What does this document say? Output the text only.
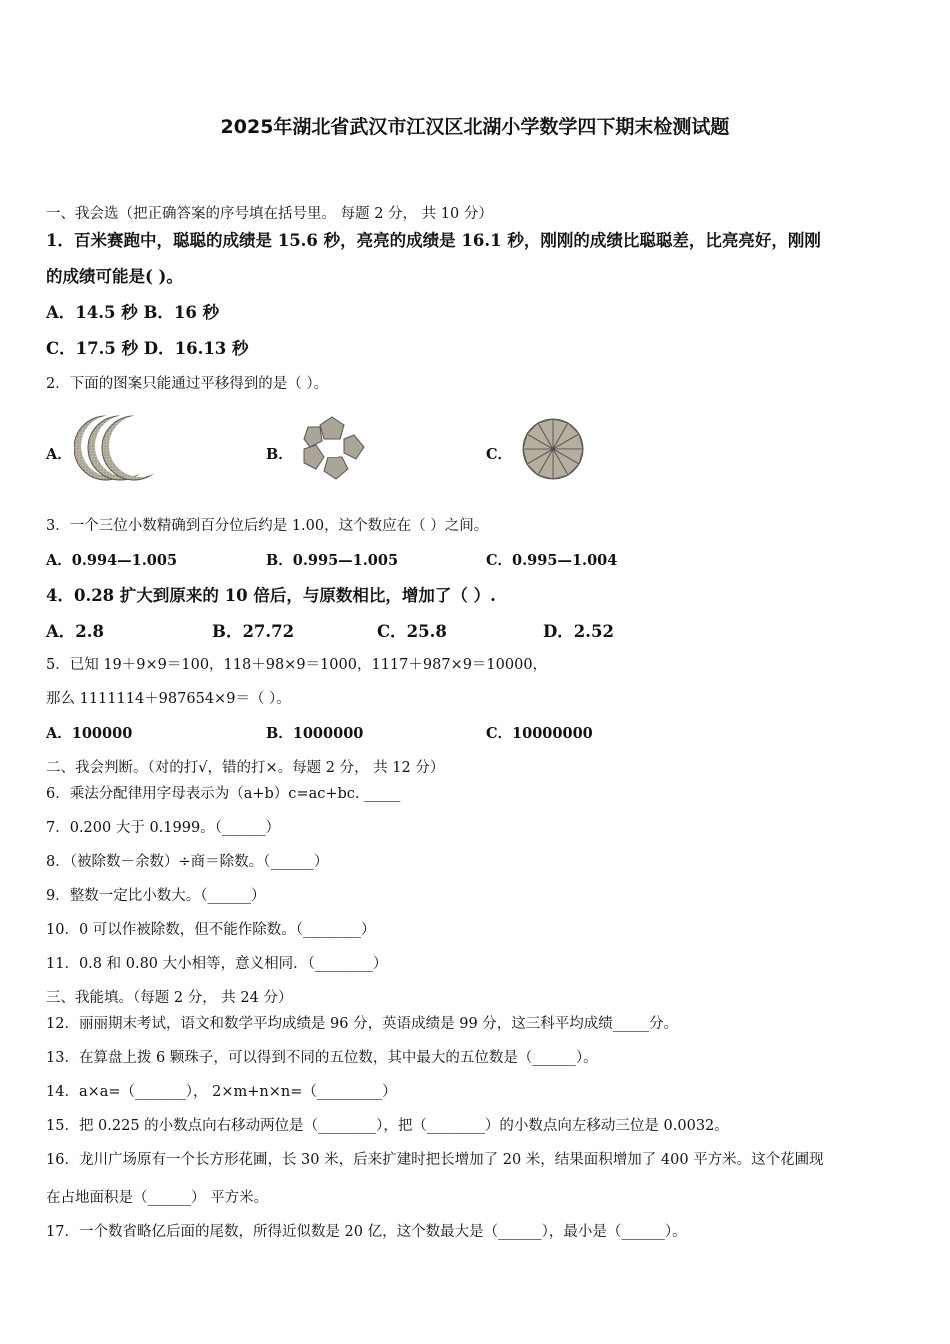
2025年湖北省武汉市江汉区北湖小学数学四下期末检测试题
一、我会选（把正确答案的序号填在括号里。 每题 2 分， 共 10 分）
1．百米赛跑中，聪聪的成绩是 15.6 秒，亮亮的成绩是 16.1 秒，刚刚的成绩比聪聪差，比亮亮好，刚刚
的成绩可能是( )。
A．14.5 秒 B．16 秒
C．17.5 秒 D．16.13 秒
2．下面的图案只能通过平移得到的是（ ）。
A．	B．	C．
3．一个三位小数精确到百分位后约是 1.00，这个数应在（ ）之间。
A．0.994—1.005	B．0.995—1.005	C．0.995—1.004
4．0.28 扩大到原来的 10 倍后，与原数相比，增加了（ ）.
A．2.8	B．27.72	C．25.8	D．2.52
5．已知 19＋9×9＝100，118＋98×9＝1000，1117＋987×9＝10000，
那么 1111114＋987654×9＝（ ）。
A．100000	B．1000000	C．10000000
二、我会判断。（对的打√，错的打×。每题 2 分， 共 12 分）
6．乘法分配律用字母表示为（a+b）c=ac+bc. _____
7．0.200 大于 0.1999。（______）
8．（被除数－余数）÷商＝除数。（______）
9．整数一定比小数大。（______）
10．0 可以作被除数，但不能作除数。（________）
11．0.8 和 0.80 大小相等，意义相同．（________）
三、我能填。（每题 2 分， 共 24 分）
12．丽丽期末考试，语文和数学平均成绩是 96 分，英语成绩是 99 分，这三科平均成绩_____分。
13．在算盘上拨 6 颗珠子，可以得到不同的五位数，其中最大的五位数是（______）。
14．a×a=（_______）， 2×m+n×n=（_________）
15．把 0.225 的小数点向右移动两位是（________），把（________）的小数点向左移动三位是 0.0032。
16．龙川广场原有一个长方形花圃，长 30 米，后来扩建时把长增加了 20 米，结果面积增加了 400 平方米。这个花圃现
在占地面积是（______） 平方米。
17．一个数省略亿后面的尾数，所得近似数是 20 亿，这个数最大是（______），最小是（______）。
